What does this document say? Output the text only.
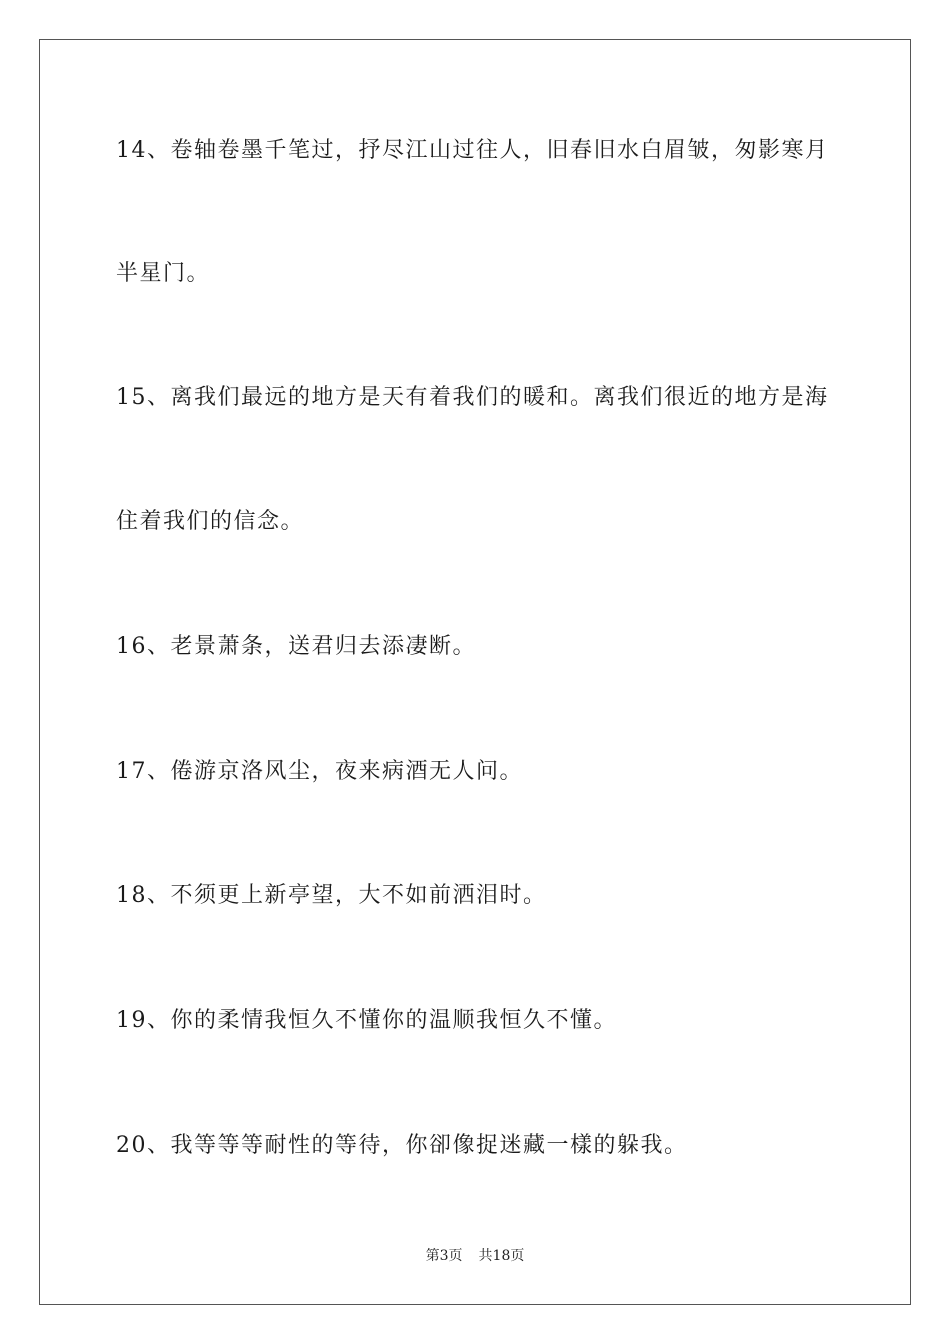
14、卷轴卷墨千笔过，抒尽江山过往人，旧春旧水白眉皱，匆影寒月
半星门。
15、离我们最远的地方是天有着我们的暖和。离我们很近的地方是海
住着我们的信念。
16、老景萧条，送君归去添凄断。
17、倦游京洛风尘，夜来病酒无人问。
18、不须更上新亭望，大不如前洒泪时。
19、你的柔情我恒久不懂你的温顺我恒久不懂。
20、我等等等耐性的等待，你卻像捉迷藏一樣的躲我。
第3页 共18页
